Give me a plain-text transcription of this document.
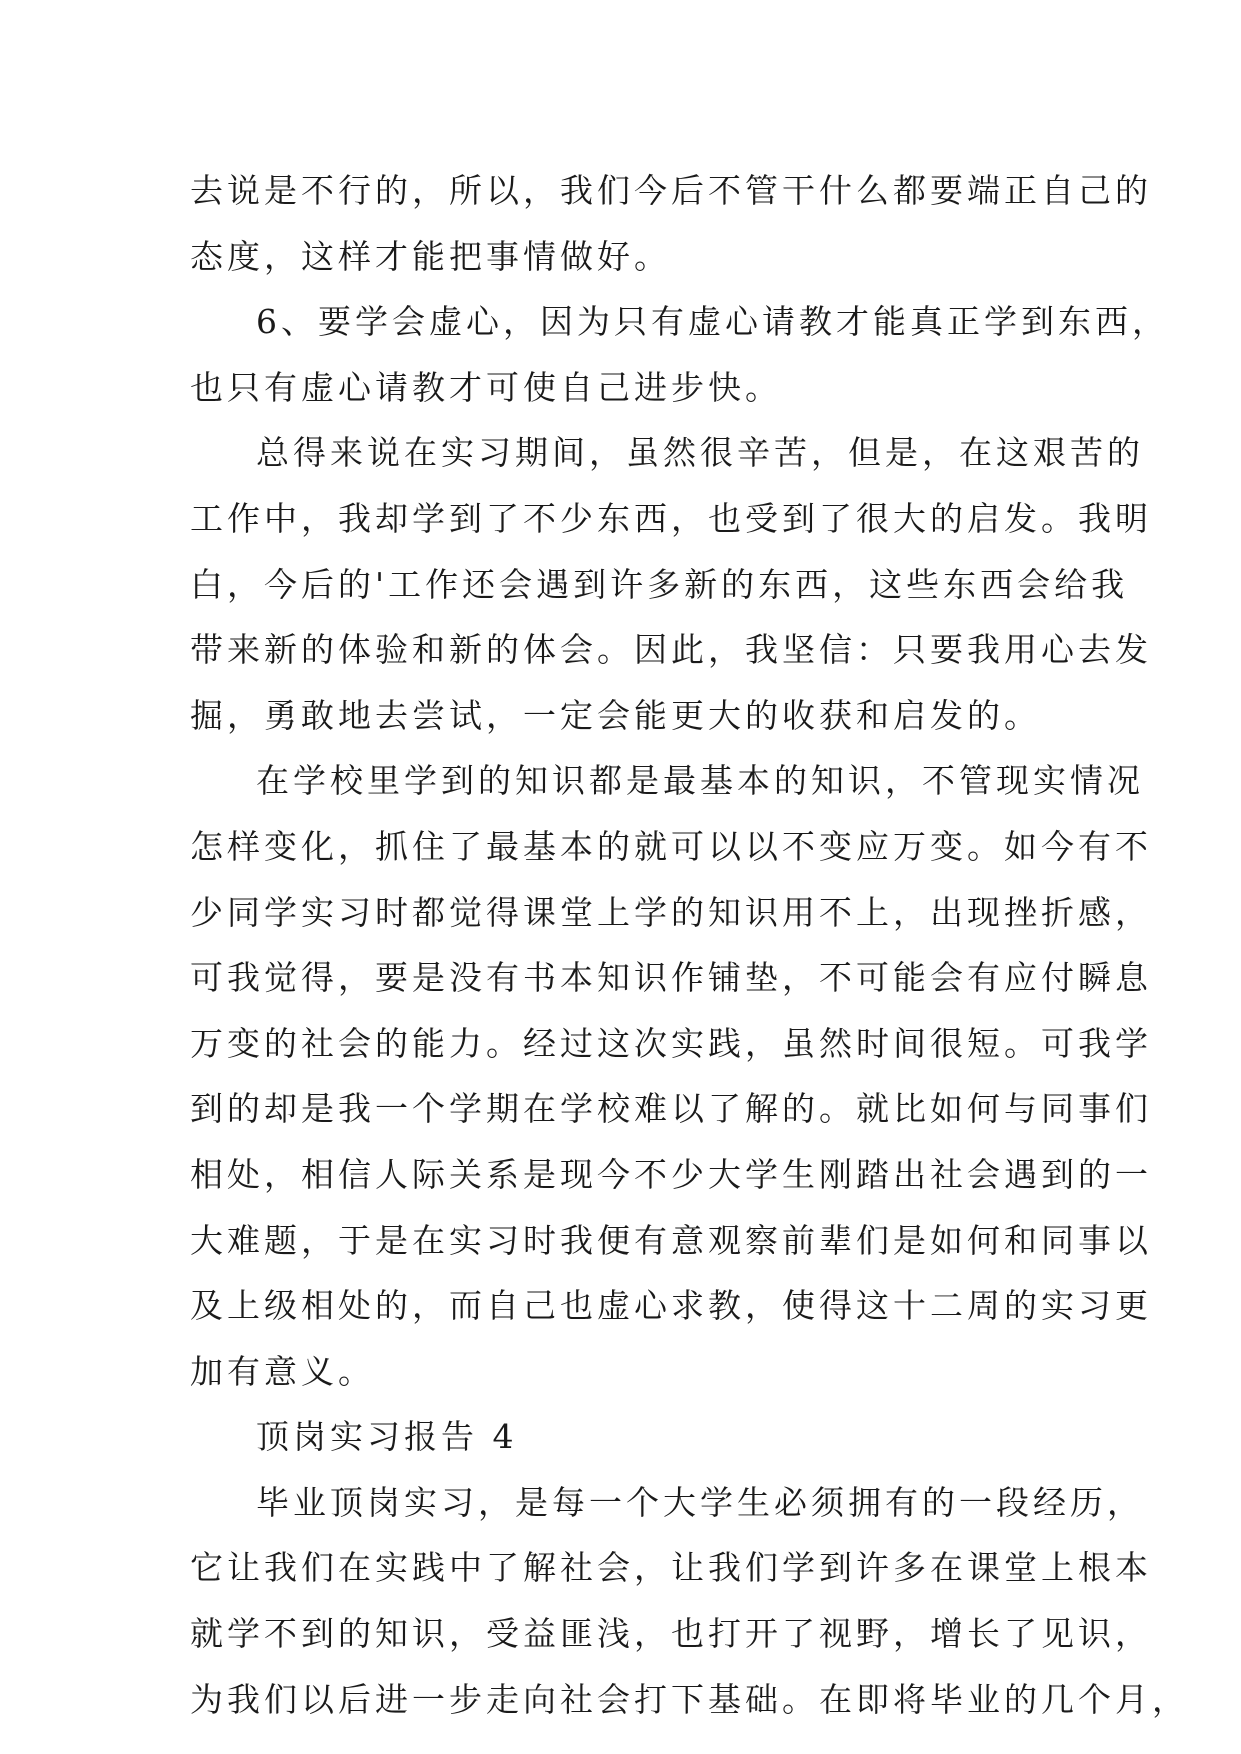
去说是不行的，所以，我们今后不管干什么都要端正自己的
态度，这样才能把事情做好。
6、要学会虚心，因为只有虚心请教才能真正学到东西，
也只有虚心请教才可使自己进步快。
总得来说在实习期间，虽然很辛苦，但是，在这艰苦的
工作中，我却学到了不少东西，也受到了很大的启发。我明
白，今后的'工作还会遇到许多新的东西，这些东西会给我
带来新的体验和新的体会。因此，我坚信：只要我用心去发
掘，勇敢地去尝试，一定会能更大的收获和启发的。
在学校里学到的知识都是最基本的知识，不管现实情况
怎样变化，抓住了最基本的就可以以不变应万变。如今有不
少同学实习时都觉得课堂上学的知识用不上，出现挫折感，
可我觉得，要是没有书本知识作铺垫，不可能会有应付瞬息
万变的社会的能力。经过这次实践，虽然时间很短。可我学
到的却是我一个学期在学校难以了解的。就比如何与同事们
相处，相信人际关系是现今不少大学生刚踏出社会遇到的一
大难题，于是在实习时我便有意观察前辈们是如何和同事以
及上级相处的，而自己也虚心求教，使得这十二周的实习更
加有意义。
顶岗实习报告 4
毕业顶岗实习，是每一个大学生必须拥有的一段经历，
它让我们在实践中了解社会，让我们学到许多在课堂上根本
就学不到的知识，受益匪浅，也打开了视野，增长了见识，
为我们以后进一步走向社会打下基础。在即将毕业的几个月，
